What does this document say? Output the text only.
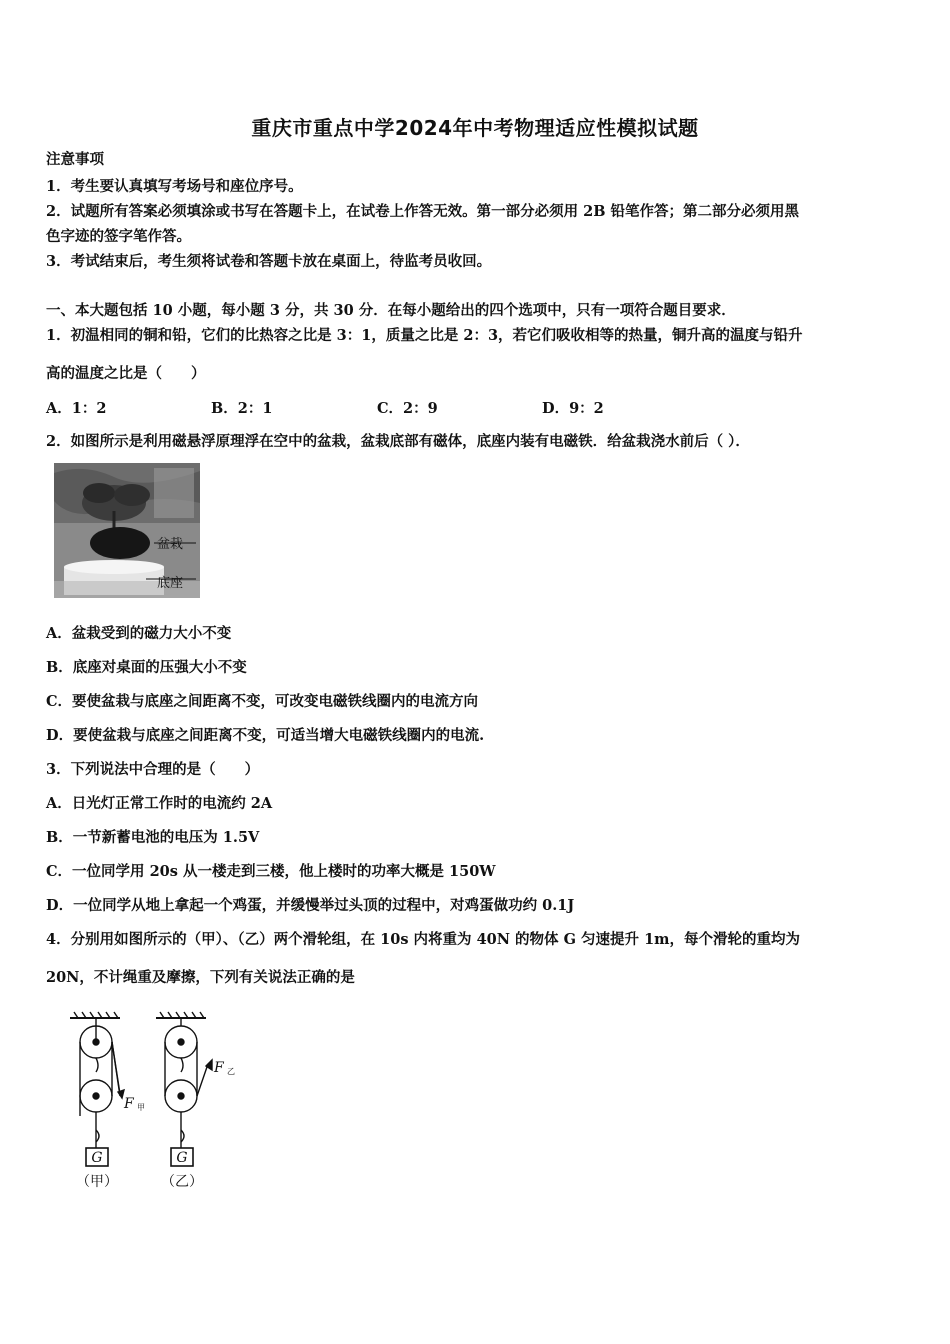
重庆市重点中学2024年中考物理适应性模拟试题
注意事项
1．考生要认真填写考场号和座位序号。
2．试题所有答案必须填涂或书写在答题卡上，在试卷上作答无效。第一部分必须用 2B 铅笔作答；第二部分必须用黑
色字迹的签字笔作答。
3．考试结束后，考生须将试卷和答题卡放在桌面上，待监考员收回。
一、本大题包括 10 小题，每小题 3 分，共 30 分．在每小题给出的四个选项中，只有一项符合题目要求．
1．初温相同的铜和铅，它们的比热容之比是 3：1，质量之比是 2：3，若它们吸收相等的热量，铜升高的温度与铅升
高的温度之比是（　　）
A．1：2	B．2：1	C．2：9	D．9：2
2．如图所示是利用磁悬浮原理浮在空中的盆栽，盆栽底部有磁体，底座内装有电磁铁．给盆栽浇水前后（ ）．
盆栽
底座
A．盆栽受到的磁力大小不变
B．底座对桌面的压强大小不变
C．要使盆栽与底座之间距离不变，可改变电磁铁线圈内的电流方向
D．要使盆栽与底座之间距离不变，可适当增大电磁铁线圈内的电流.
3．下列说法中合理的是（　　）
A．日光灯正常工作时的电流约 2A
B．一节新蓄电池的电压为 1.5V
C．一位同学用 20s 从一楼走到三楼，他上楼时的功率大概是 150W
D．一位同学从地上拿起一个鸡蛋，并缓慢举过头顶的过程中，对鸡蛋做功约 0.1J
4．分别用如图所示的（甲）、（乙）两个滑轮组，在 10s 内将重为 40N 的物体 G 匀速提升 1m，每个滑轮的重均为
20N，不计绳重及摩擦，下列有关说法正确的是
G
F 甲
（甲）
G
F 乙
（乙）
